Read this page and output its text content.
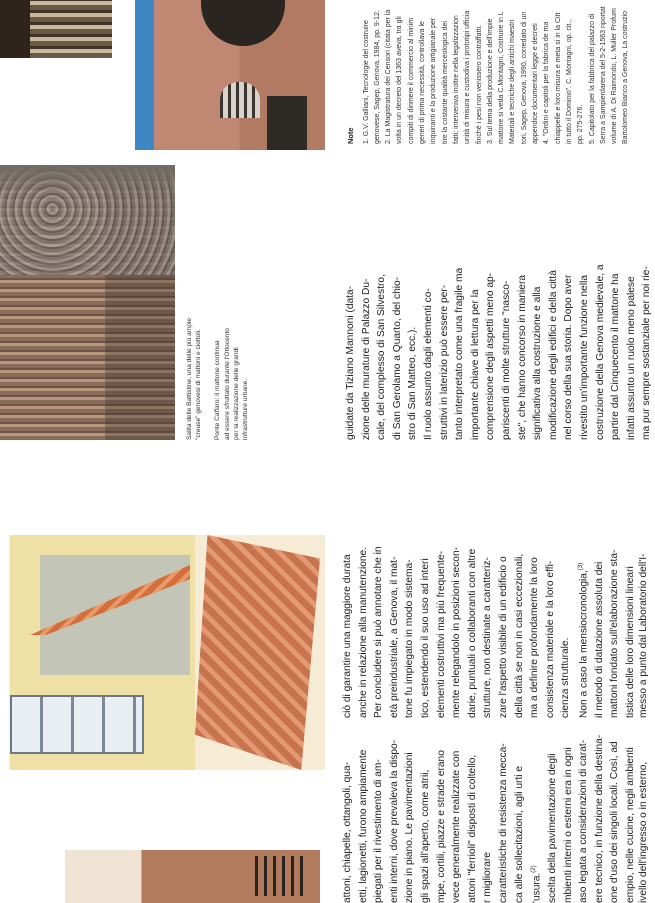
attoni, chiapelle, ottangoli, qua- etti, lagionetti, furono ampiamente piegati per il rivestimento di am- enti interni, dove prevaleva la dispo- zione in piano. Le pavimentazioni gli spazi all'aperto, come atrii, mpe, cortili, piazze e strade erano vece generalmente realizzate con attoni "ferrioli" disposti di coltello, r migliorare caratteristiche di resistenza mecca- ca alle sollecitazioni, agli urti e 'usura.$^{(2)}$ scelta della pavimentazione degli mbienti interni o esterni era in ogni aso legata a considerazioni di carat- ere tecnico, in funzione della destina- one d'uso dei singoli locali. Così, ad empio, nelle cucine, negli ambienti

ciò di garantire una maggiore durata anche in relazione alla manutenzione. Per concludere si può annotare che in età preindustriale, a Genova, il mat- tone fu impiegato in modo sistema- tico, estendendo il suo uso ad interi elementi costruttivi ma più frequente- mente relegandolo in posizioni secon- darie, puntuali o collaboranti con altre strutture, non destinate a caratteriz- zare l'aspetto visibile di un edificio o della città se non in casi eccezionali, ma a definire profondamente la loro consistenza materiale e la loro effi- cienza strutturale. Non a caso la mensiocronologia,$^{(3)}$ il metodo di datazione assoluta dei mattoni fondato sull'elaborazione sta- tistica delle loro dimensioni lineari

Salita delle Battistine, una delle più ampie "creuse" genovesi di mattoni e ciottoli.

Ponte Caffaro: il mattone continua ad essere sfruttato durante l'Ottocento per la realizzazione delle grandi infrastrutture urbane.	guidate da Tiziano Mannoni (data- zione delle murature di Palazzo Du- cale, del complesso di San Silvestro, di San Gerolamo a Quarto, del chio- stro di San Matteo, ecc.). Il ruolo assunto dagli elementi co- struttivi in laterizio può essere per- tanto interpretato come una fragile ma importante chiave di lettura per la comprensione degli aspetti meno ap- pariscenti di molte strutture "nasco- ste", che hanno concorso in maniera significativa alla costruzione e alla modificazione degli edifici e della città nel corso della sua storia. Dopo aver rivestito un'importante funzione nella costruzione della Genova medievale, a partire dal Cinquecento il mattone ha infatti assunto un ruolo meno palese ma pur sempre sostanziale per noi rie-

Note	1. G.V. Galliani, Tecnologie del costruire genovese, Sagep, Genova, 1984, pp. 9-12. 2. La Magistratura dei Censori (citata per la volta in un decreto del 1363 aveva, tra gli compiti di dirimere il commercio al minim generi di prima necessità, controllava le inquinanti e la produzione artigianale per tire la costante qualità merceologica dei fatti; intervenivа inoltre nella legalizzazion unità di misura e custodiva i prototipi ufficia finché i pesi non venissero contraffatti. 3. Sul tema della produzione e dell'impie mattone si veda C.Montagni, Costruire in L Materiali e tecniche degli antichi maestri tori, Sagep, Genova, 1990, corredato di un appendice documentari legge e decreti 4. "Ordini e capitoli per la fabrica de ma chiappelle e loro misura e meta si in la Citt in tutto il Dominio". C. Montagni, op. cit., pp. 275-276. 5. Capitolato per la fabbrica del palazzo di Serra a Sampierdarena del 5-2-1563 riportat volume di A. Di Raimondo, L. Muller Profum Bartolomeo Bianco a Genova, La costruzio

ivello dell'ingresso o in esterno,

messo a punto dal Laboratorio dell'I-
